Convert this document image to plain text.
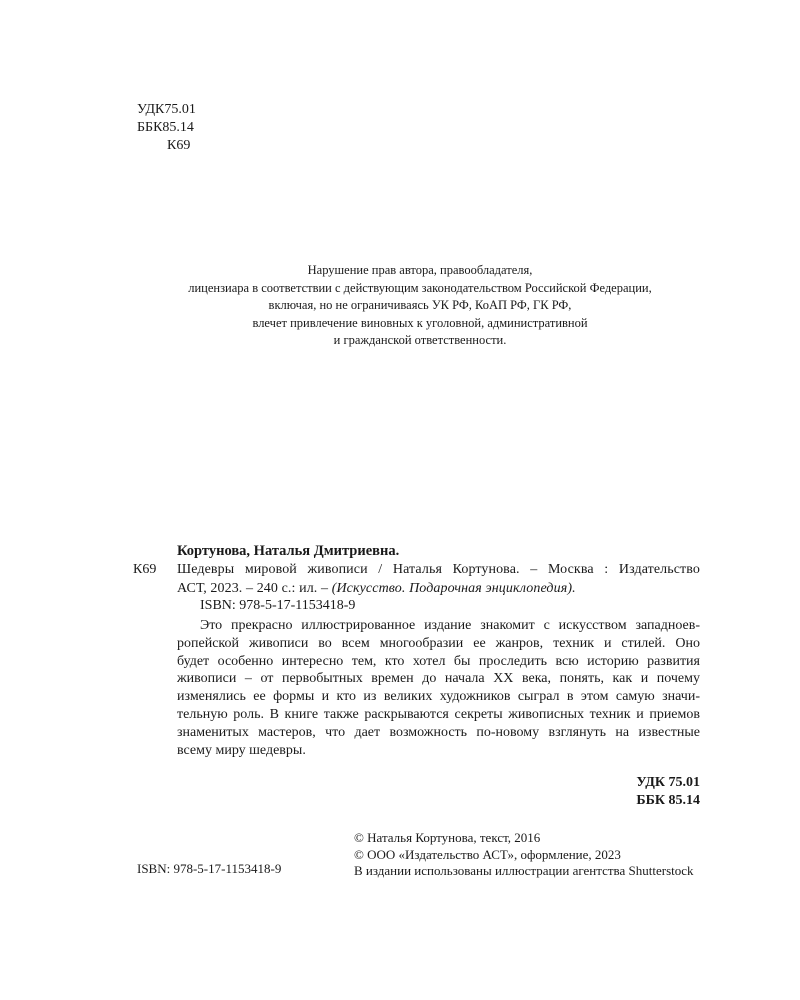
УДК75.01
ББК85.14
К69
Нарушение прав автора, правообладателя,
лицензиара в соответствии с действующим законодательством Российской Федерации,
включая, но не ограничиваясь УК РФ, КоАП РФ, ГК РФ,
влечет привлечение виновных к уголовной, административной
и гражданской ответственности.
Кортунова, Наталья Дмитриевна.
К69 Шедевры мировой живописи / Наталья Кортунова. – Москва : Издательство
АСТ, 2023. – 240 с.: ил. – (Искусство. Подарочная энциклопедия).
ISBN: 978-5-17-1153418-9
Это прекрасно иллюстрированное издание знакомит с искусством западноев-
ропейской живописи во всем многообразии ее жанров, техник и стилей. Оно
будет особенно интересно тем, кто хотел бы проследить всю историю развития
живописи – от первобытных времен до начала XX века, понять, как и почему
изменялись ее формы и кто из великих художников сыграл в этом самую значи-
тельную роль. В книге также раскрываются секреты живописных техник и приемов
знаменитых мастеров, что дает возможность по-новому взглянуть на известные
всему миру шедевры.
УДК 75.01
ББК 85.14
ISBN: 978-5-17-1153418-9
© Наталья Кортунова, текст, 2016
© ООО «Издательство АСТ», оформление, 2023
В издании использованы иллюстрации агентства Shutterstock
